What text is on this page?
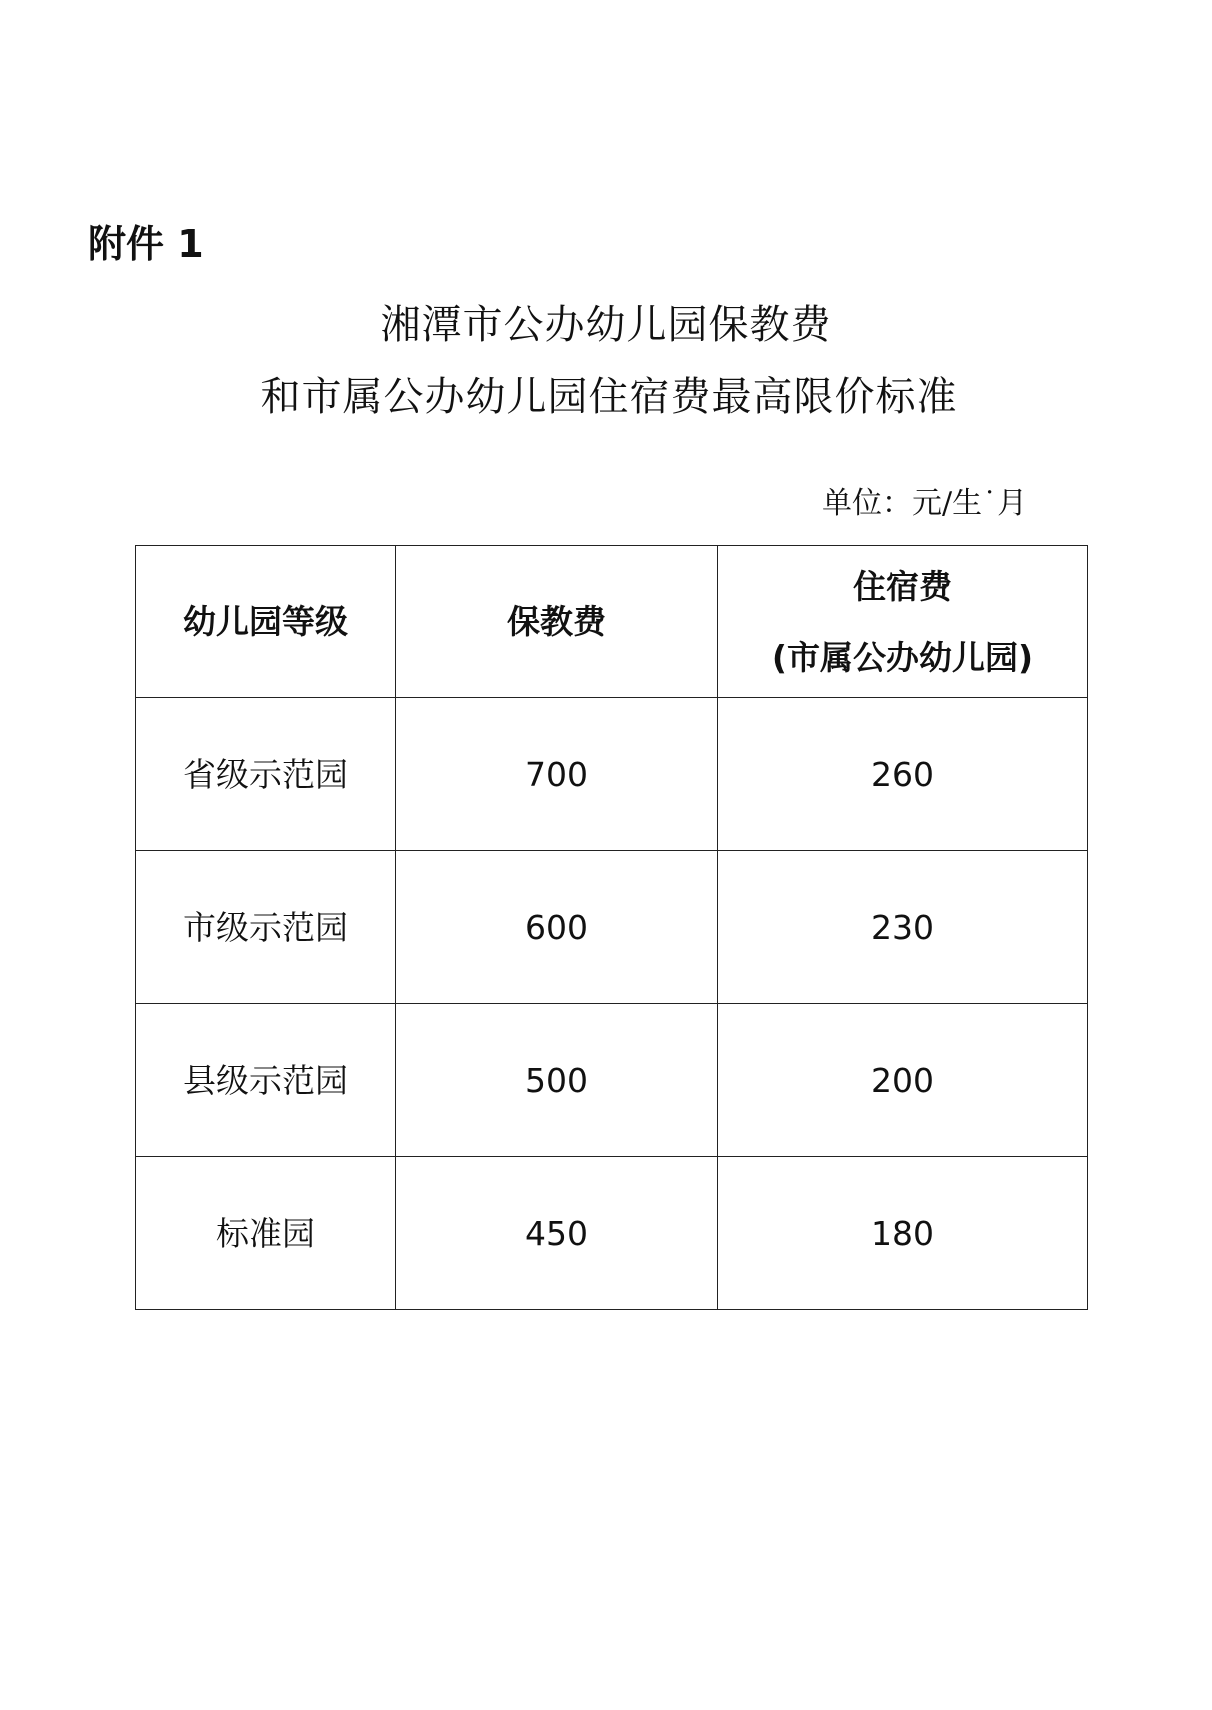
附件 1
湘潭市公办幼儿园保教费
和市属公办幼儿园住宿费最高限价标准
单位：元/生˙月
幼儿园等级	保教费	住宿费
(市属公办幼儿园)

省级示范园	700	260
市级示范园	600	230
县级示范园	500	200
标准园	450	180
